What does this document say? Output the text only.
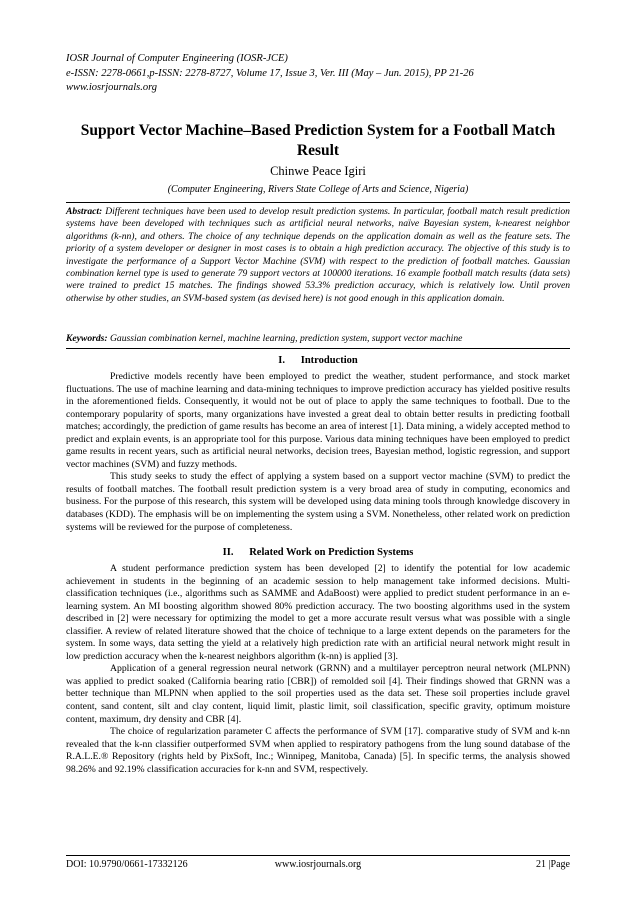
IOSR Journal of Computer Engineering (IOSR-JCE)
e-ISSN: 2278-0661,p-ISSN: 2278-8727, Volume 17, Issue 3, Ver. III (May – Jun. 2015), PP 21-26
www.iosrjournals.org
Support Vector Machine–Based Prediction System for a Football Match Result
Chinwe Peace Igiri
(Computer Engineering, Rivers State College of Arts and Science, Nigeria)
Abstract: Different techniques have been used to develop result prediction systems. In particular, football match result prediction systems have been developed with techniques such as artificial neural networks, naïve Bayesian system, k-nearest neighbor algorithms (k-nn), and others. The choice of any technique depends on the application domain as well as the feature sets. The priority of a system developer or designer in most cases is to obtain a high prediction accuracy. The objective of this study is to investigate the performance of a Support Vector Machine (SVM) with respect to the prediction of football matches. Gaussian combination kernel type is used to generate 79 support vectors at 100000 iterations. 16 example football match results (data sets) were trained to predict 15 matches. The findings showed 53.3% prediction accuracy, which is relatively low. Until proven otherwise by other studies, an SVM-based system (as devised here) is not good enough in this application domain.
Keywords: Gaussian combination kernel, machine learning, prediction system, support vector machine
I.      Introduction

Predictive models recently have been employed to predict the weather, student performance, and stock market fluctuations. The use of machine learning and data-mining techniques to improve prediction accuracy has yielded positive results in the aforementioned fields. Consequently, it would not be out of place to apply the same techniques to football. Due to the contemporary popularity of sports, many organizations have invested a great deal to obtain better results in predicting football matches; accordingly, the prediction of game results has become an area of interest [1]. Data mining, a widely accepted method to predict and explain events, is an appropriate tool for this purpose. Various data mining techniques have been employed to predict game results in recent years, such as artificial neural networks, decision trees, Bayesian method, logistic regression, and support vector machines (SVM) and fuzzy methods.

This study seeks to study the effect of applying a system based on a support vector machine (SVM) to predict the results of football matches. The football result prediction system is a very broad area of study in computing, economics and business. For the purpose of this research, this system will be developed using data mining tools through knowledge discovery in databases (KDD). The emphasis will be on implementing the system using a SVM. Nonetheless, other related work on prediction systems will be reviewed for the purpose of completeness.

II.      Related Work on Prediction Systems

A student performance prediction system has been developed [2] to identify the potential for low academic achievement in students in the beginning of an academic session to help management take informed decisions. Multi-classification techniques (i.e., algorithms such as SAMME and AdaBoost) were applied to predict student performance in an e-learning system. An MI boosting algorithm showed 80% prediction accuracy. The two boosting algorithms used in the system described in [2] were necessary for optimizing the model to get a more accurate result versus what was possible with a single classifier. A review of related literature showed that the choice of technique to a large extent depends on the parameters for the system. In some ways, data setting the yield at a relatively high prediction rate with an artificial neural network might result in low prediction accuracy when the k-nearest neighbors algorithm (k-nn) is applied [3].

Application of a general regression neural network (GRNN) and a multilayer perceptron neural network (MLPNN) was applied to predict soaked (California bearing ratio [CBR]) of remolded soil [4]. Their findings showed that GRNN was a better technique than MLPNN when applied to the soil properties used as the data set. These soil properties include gravel content, sand content, silt and clay content, liquid limit, plastic limit, soil classification, specific gravity, optimum moisture content, maximum, dry density and CBR [4].

The choice of regularization parameter C affects the performance of SVM [17]. comparative study of SVM and k-nn revealed that the k-nn classifier outperformed SVM when applied to respiratory pathogens from the lung sound database of the R.A.L.E.® Repository (rights held by PixSoft, Inc.; Winnipeg, Manitoba, Canada) [5]. In specific terms, the analysis showed 98.26% and 92.19% classification accuracies for k-nn and SVM, respectively.

DOI: 10.9790/0661-17332126	www.iosrjournals.org	21 |Page
